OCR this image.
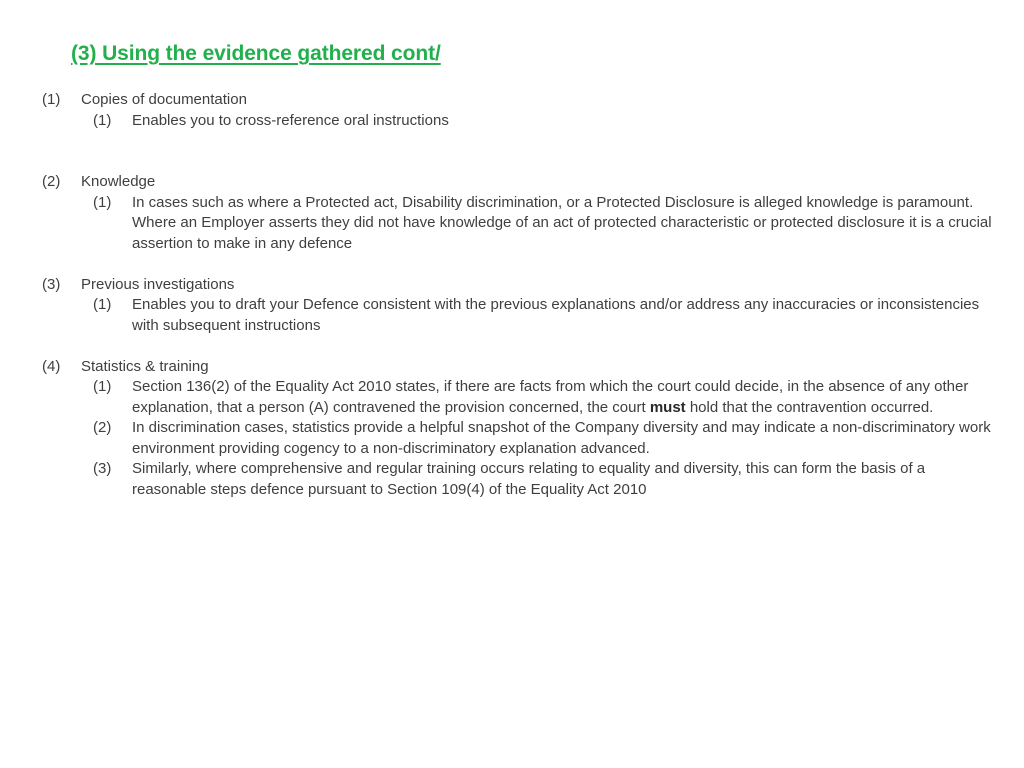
(3) Using the evidence gathered cont/
(1)	Copies of documentation
(1)	Enables you to cross-reference oral instructions
(2)	Knowledge
(1)	In cases such as where a Protected act, Disability discrimination, or a Protected Disclosure is alleged knowledge is paramount. Where an Employer asserts they did not have knowledge of an act of protected characteristic or protected disclosure it is a crucial assertion to make in any defence
(3)	Previous investigations
(1)	Enables you to draft your Defence consistent with the previous explanations and/or address any inaccuracies or inconsistencies with subsequent instructions
(4)	Statistics & training
(1)	Section 136(2) of the Equality Act 2010 states, if there are facts from which the court could decide, in the absence of any other explanation, that a person (A) contravened the provision concerned, the court must hold that the contravention occurred.
(2)	In discrimination cases, statistics provide a helpful snapshot of the Company diversity and may indicate a non-discriminatory work environment providing cogency to a non-discriminatory explanation advanced.
(3)	Similarly, where comprehensive and regular training occurs relating to equality and diversity, this can form the basis of a reasonable steps defence pursuant to Section 109(4) of the Equality Act 2010
